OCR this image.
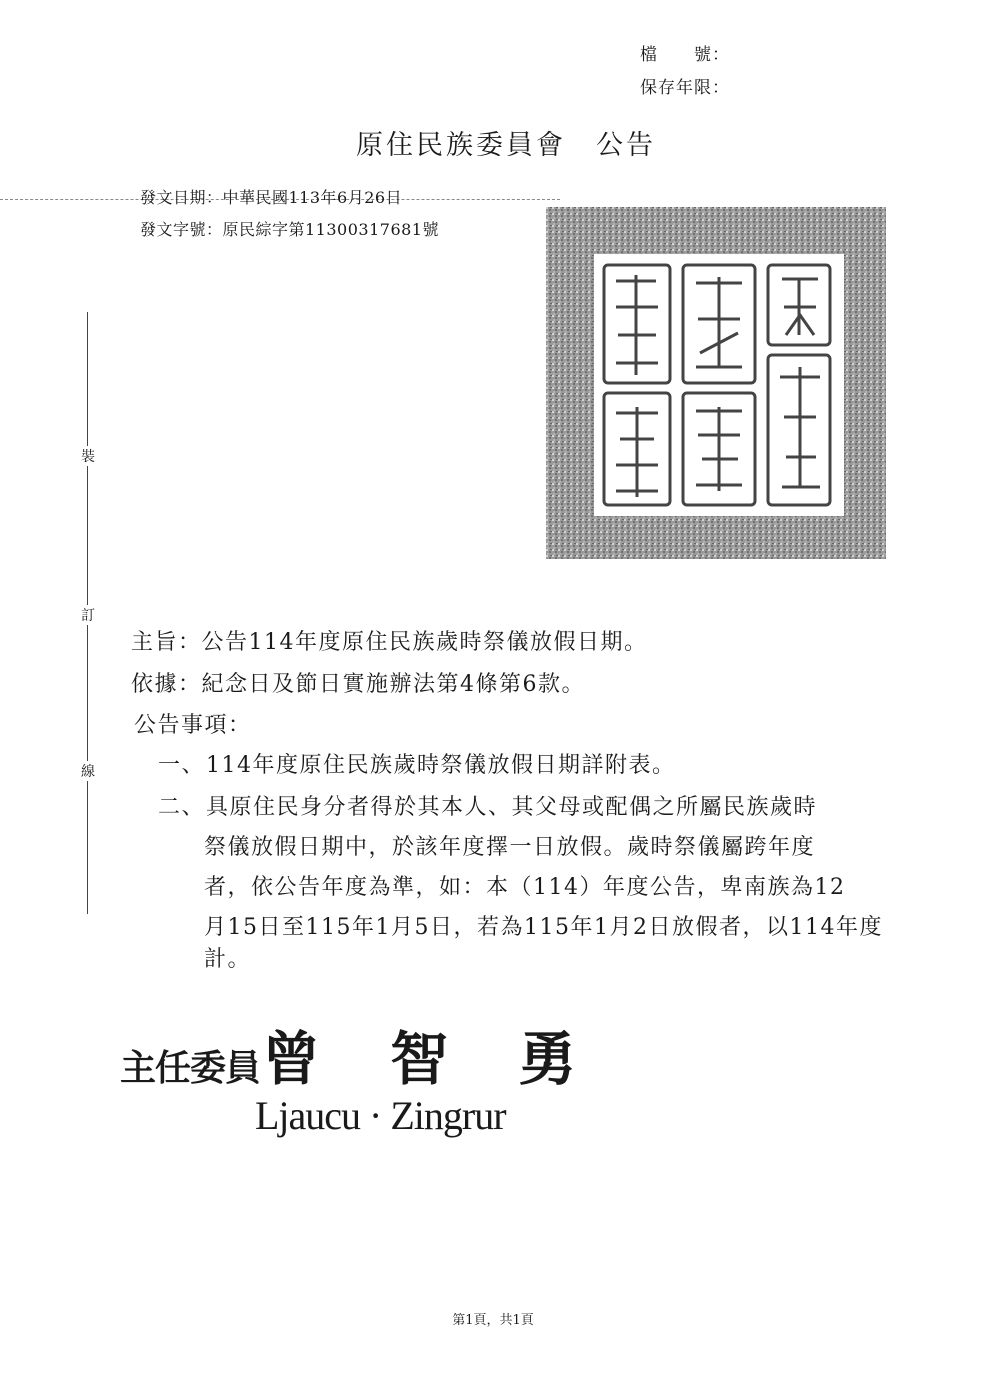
檔　　號：
保存年限：
原住民族委員會　公告
發文日期：中華民國113年6月26日
發文字號：原民綜字第11300317681號
裝
訂
線
主旨：公告114年度原住民族歲時祭儀放假日期。
依據：紀念日及節日實施辦法第4條第6款。
公告事項：
一、 114年度原住民族歲時祭儀放假日期詳附表。
二、 具原住民身分者得於其本人、其父母或配偶之所屬民族歲時
祭儀放假日期中，於該年度擇一日放假。歲時祭儀屬跨年度
者，依公告年度為準，如：本（114）年度公告，卑南族為12
月15日至115年1月5日，若為115年1月2日放假者，以114年度
計。
主任委員 曾 智 勇
Ljaucu · Zingrur
第1頁，共1頁
